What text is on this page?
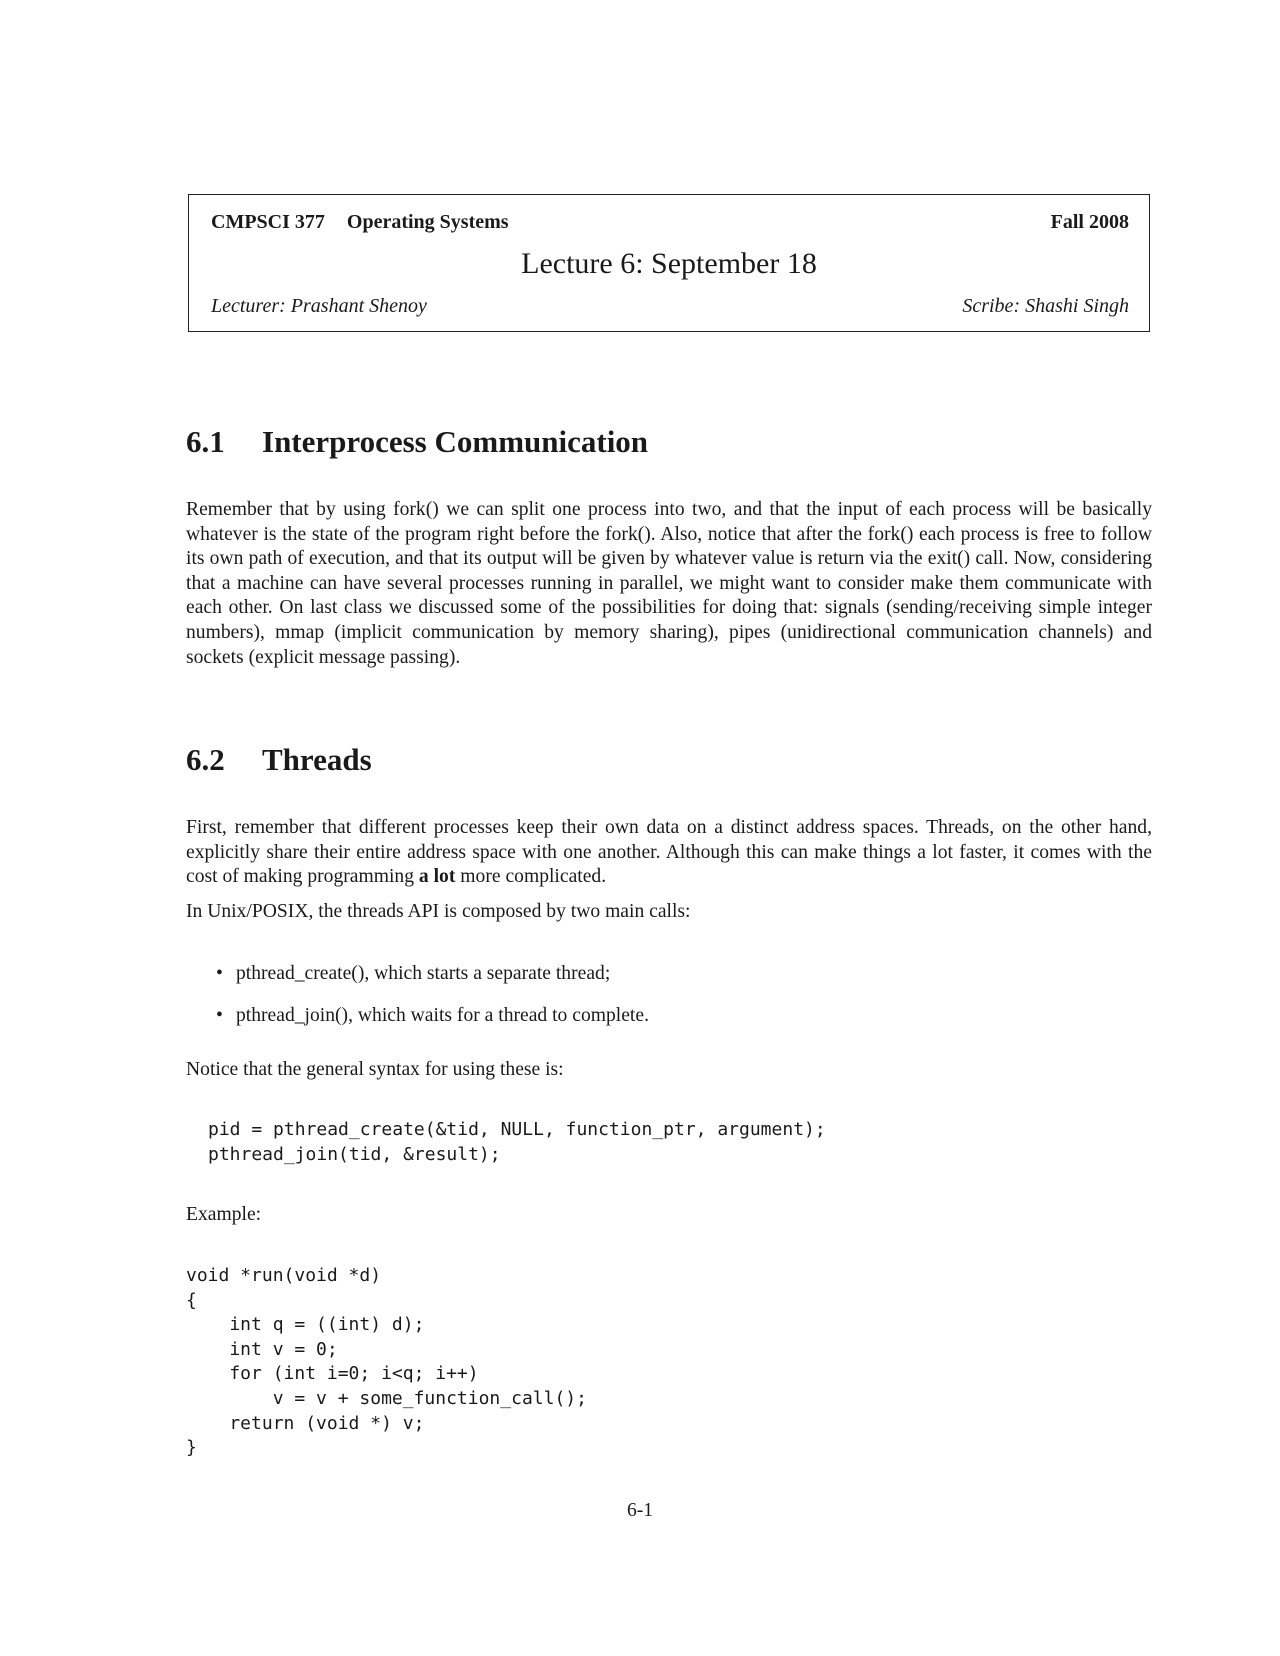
CMPSCI 377 Operating Systems	Fall 2008
Lecture 6: September 18
Lecturer: Prashant Shenoy	Scribe: Shashi Singh
6.1 Interprocess Communication

Remember that by using fork() we can split one process into two, and that the input of each process will be basically whatever is the state of the program right before the fork(). Also, notice that after the fork() each process is free to follow its own path of execution, and that its output will be given by whatever value is return via the exit() call. Now, considering that a machine can have several processes running in parallel, we might want to consider make them communicate with each other. On last class we discussed some of the possibilities for doing that: signals (sending/receiving simple integer numbers), mmap (implicit communication by memory sharing), pipes (unidirectional communication channels) and sockets (explicit message passing).

6.2 Threads

First, remember that different processes keep their own data on a distinct address spaces. Threads, on the other hand, explicitly share their entire address space with one another. Although this can make things a lot faster, it comes with the cost of making programming a lot more complicated.

In Unix/POSIX, the threads API is composed by two main calls:

• pthread_create(), which starts a separate thread;
• pthread_join(), which waits for a thread to complete.

Notice that the general syntax for using these is:

pid = pthread_create(&tid, NULL, function_ptr, argument);
pthread_join(tid, &result);

Example:

void *run(void *d)
{
int q = ((int) d);
int v = 0;
for (int i=0; i<q; i++)
v = v + some_function_call();
return (void *) v;
}
6-1
